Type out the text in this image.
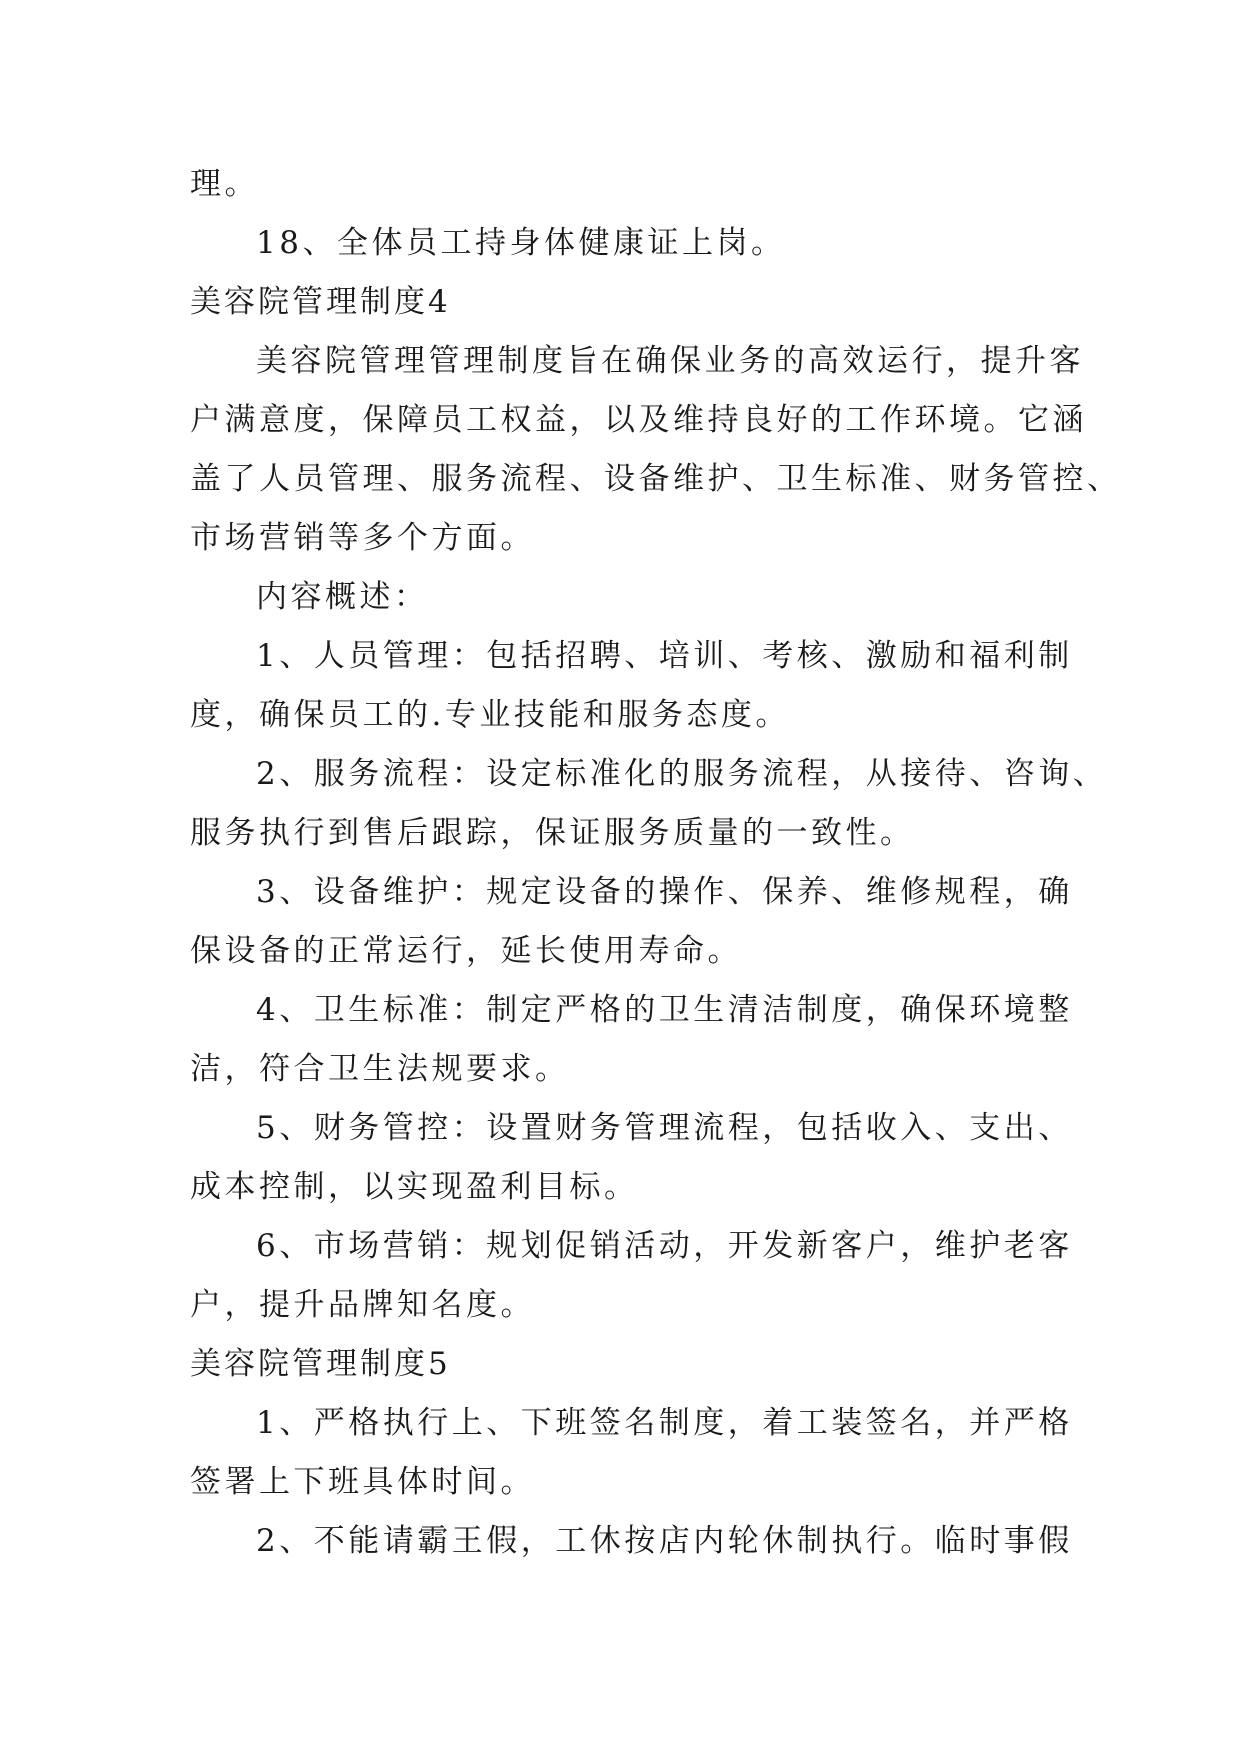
理。
18、全体员工持身体健康证上岗。
美容院管理制度4
美容院管理管理制度旨在确保业务的高效运行，提升客
户满意度，保障员工权益，以及维持良好的工作环境。它涵
盖了人员管理、服务流程、设备维护、卫生标准、财务管控、
市场营销等多个方面。
内容概述：
1、人员管理：包括招聘、培训、考核、激励和福利制
度，确保员工的.专业技能和服务态度。
2、服务流程：设定标准化的服务流程，从接待、咨询、
服务执行到售后跟踪，保证服务质量的一致性。
3、设备维护：规定设备的操作、保养、维修规程，确
保设备的正常运行，延长使用寿命。
4、卫生标准：制定严格的卫生清洁制度，确保环境整
洁，符合卫生法规要求。
5、财务管控：设置财务管理流程，包括收入、支出、
成本控制，以实现盈利目标。
6、市场营销：规划促销活动，开发新客户，维护老客
户，提升品牌知名度。
美容院管理制度5
1、严格执行上、下班签名制度，着工装签名，并严格
签署上下班具体时间。
2、不能请霸王假，工休按店内轮休制执行。临时事假
